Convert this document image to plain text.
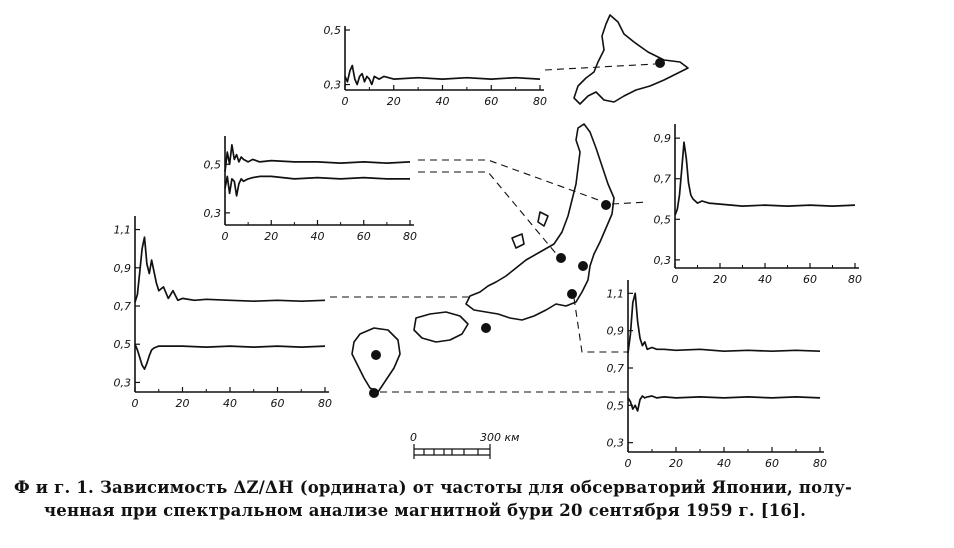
0	300 км
0	20	40	60	80
0,5
0,3
0	20	40	60	80
0,9
0,7
0,5
0,3
0	20	40	60	80
0,5
0,3
0	20	40	60	80
1,1
0,9
0,7
0,5
0,3
0	20	40	60	80
1,1
0,9
0,7
0,5
0,3
Ф и г. 1. Зависимость ΔZ/ΔH (ордината) от частоты для обсерваторий Японии, полу-
ченная при спектральном анализе магнитной бури 20 сентября 1959 г. [16].
